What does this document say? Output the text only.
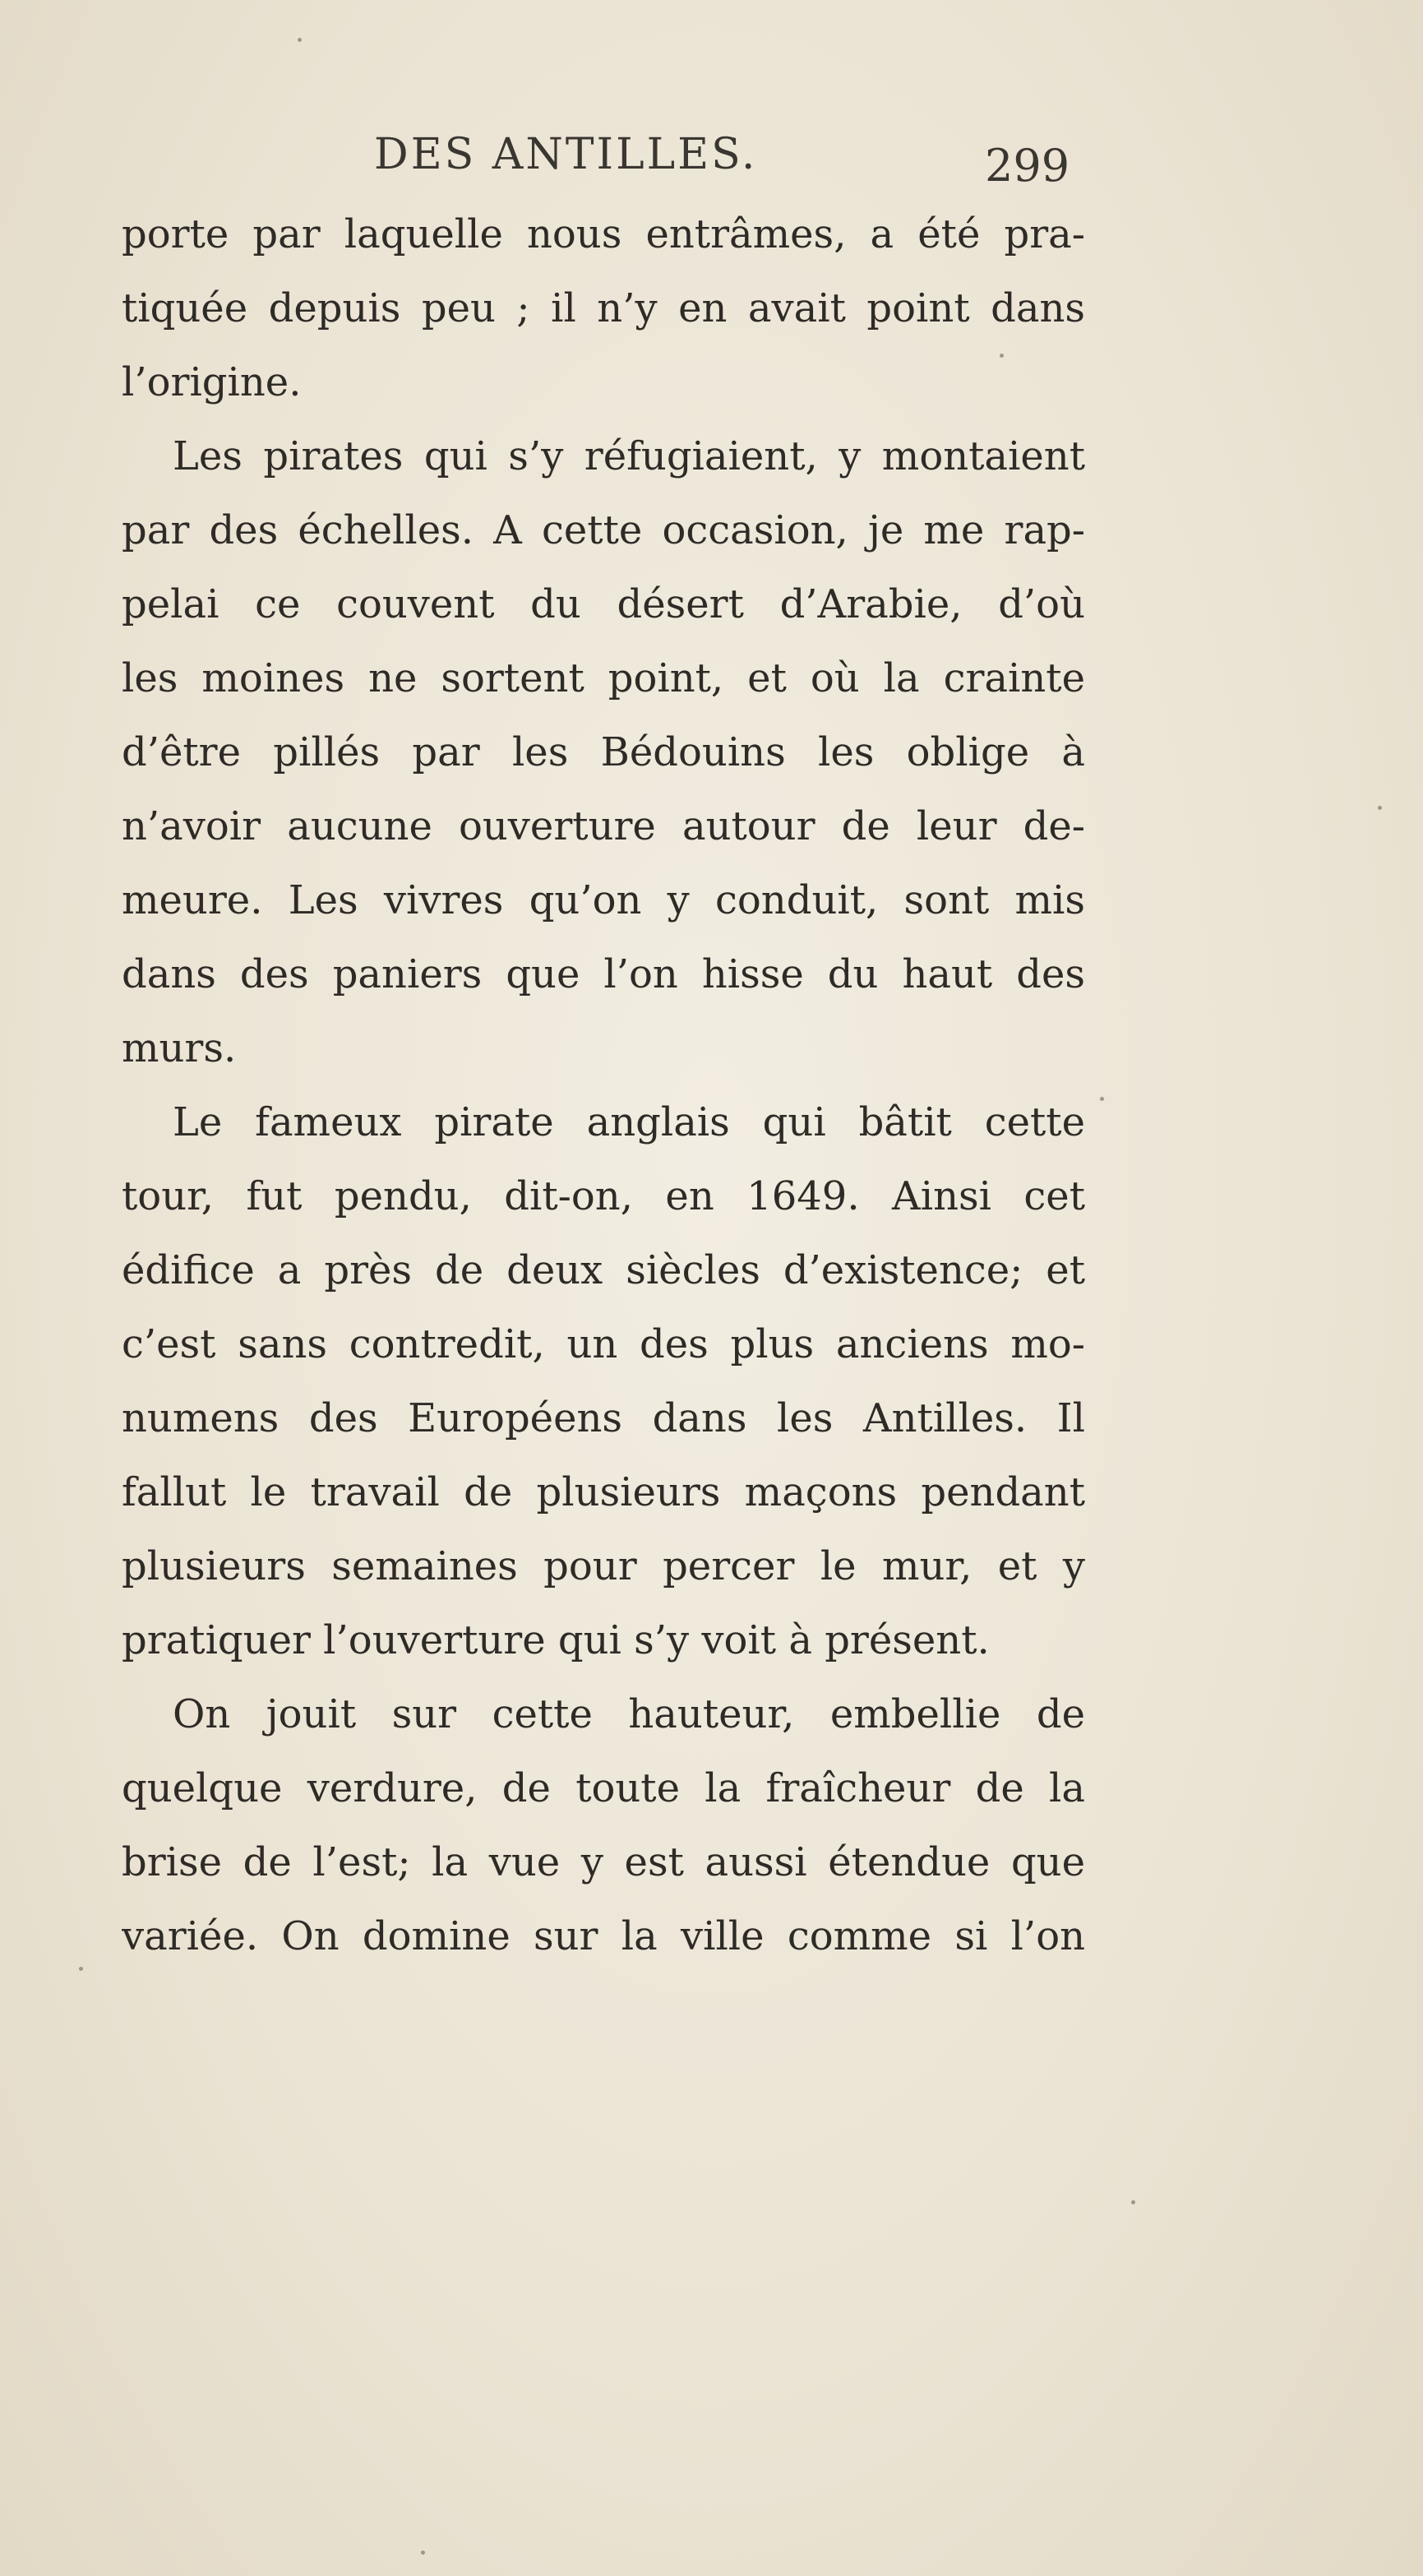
DES ANTILLES.	299
porte par laquelle nous entrâmes, a été pra-
tiquée depuis peu ; il n’y en avait point dans
l’origine.
Les pirates qui s’y réfugiaient, y montaient
par des échelles. A cette occasion, je me rap-
pelai ce couvent du désert d’Arabie, d’où
les moines ne sortent point, et où la crainte
d’être pillés par les Bédouins les oblige à
n’avoir aucune ouverture autour de leur de-
meure. Les vivres qu’on y conduit, sont mis
dans des paniers que l’on hisse du haut des
murs.
Le fameux pirate anglais qui bâtit cette
tour, fut pendu, dit-on, en 1649. Ainsi cet
édifice a près de deux siècles d’existence; et
c’est sans contredit, un des plus anciens mo-
numens des Européens dans les Antilles. Il
fallut le travail de plusieurs maçons pendant
plusieurs semaines pour percer le mur, et y
pratiquer l’ouverture qui s’y voit à présent.
On jouit sur cette hauteur, embellie de
quelque verdure, de toute la fraîcheur de la
brise de l’est; la vue y est aussi étendue que
variée. On domine sur la ville comme si l’on
